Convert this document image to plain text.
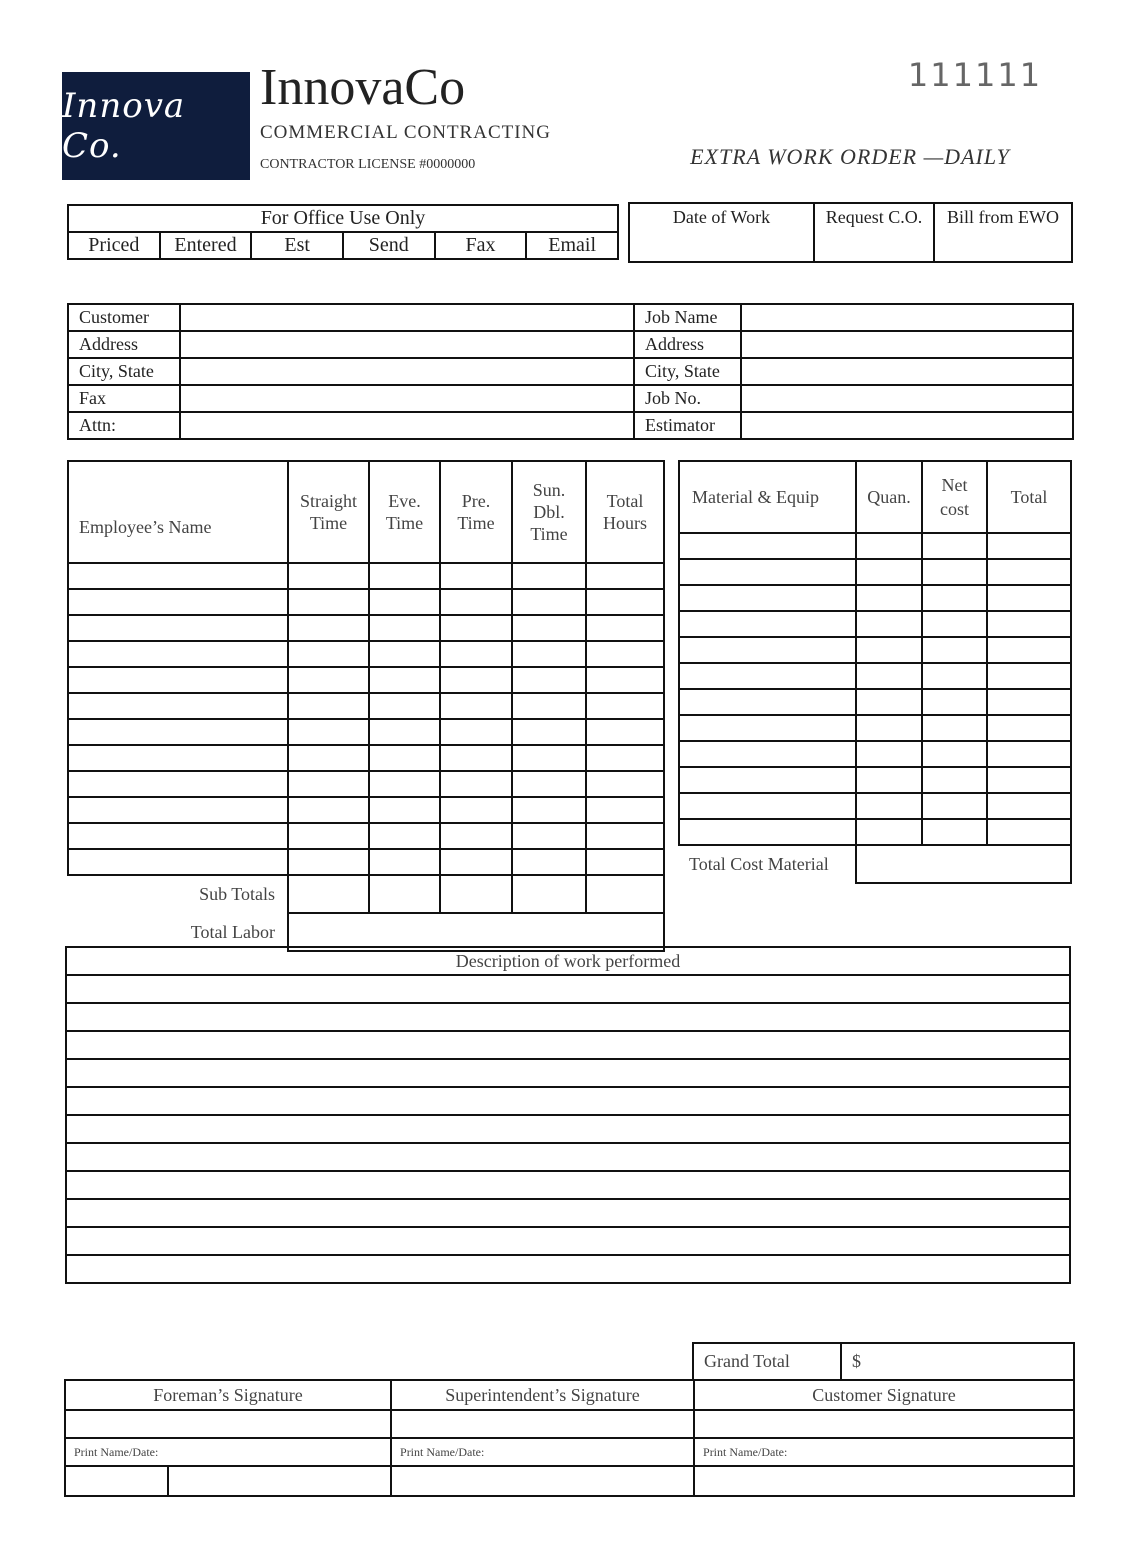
Innova Co.
InnovaCo
COMMERCIAL CONTRACTING
CONTRACTOR LICENSE #0000000
111111
EXTRA WORK ORDER —DAILY
For Office Use Only
Priced	Entered	Est	Send	Fax	Email
Date of Work	Request C.O.	Bill from EWO
Customer		Job Name	
Address		Address	
City, State		City, State	
Fax		Job No.	
Attn:		Estimator	
Employee’s Name	Straight Time	Eve. Time	Pre. Time	Sun. Dbl. Time	Total Hours

Sub Totals					
Total Labor					
Material & Equip	Quan.	Net cost	Total

Total Cost Material			
Description of work performed

Grand Total	$
Foreman’s Signature		Superintendent’s Signature	Customer Signature

Print Name/Date:		Print Name/Date:	Print Name/Date:
